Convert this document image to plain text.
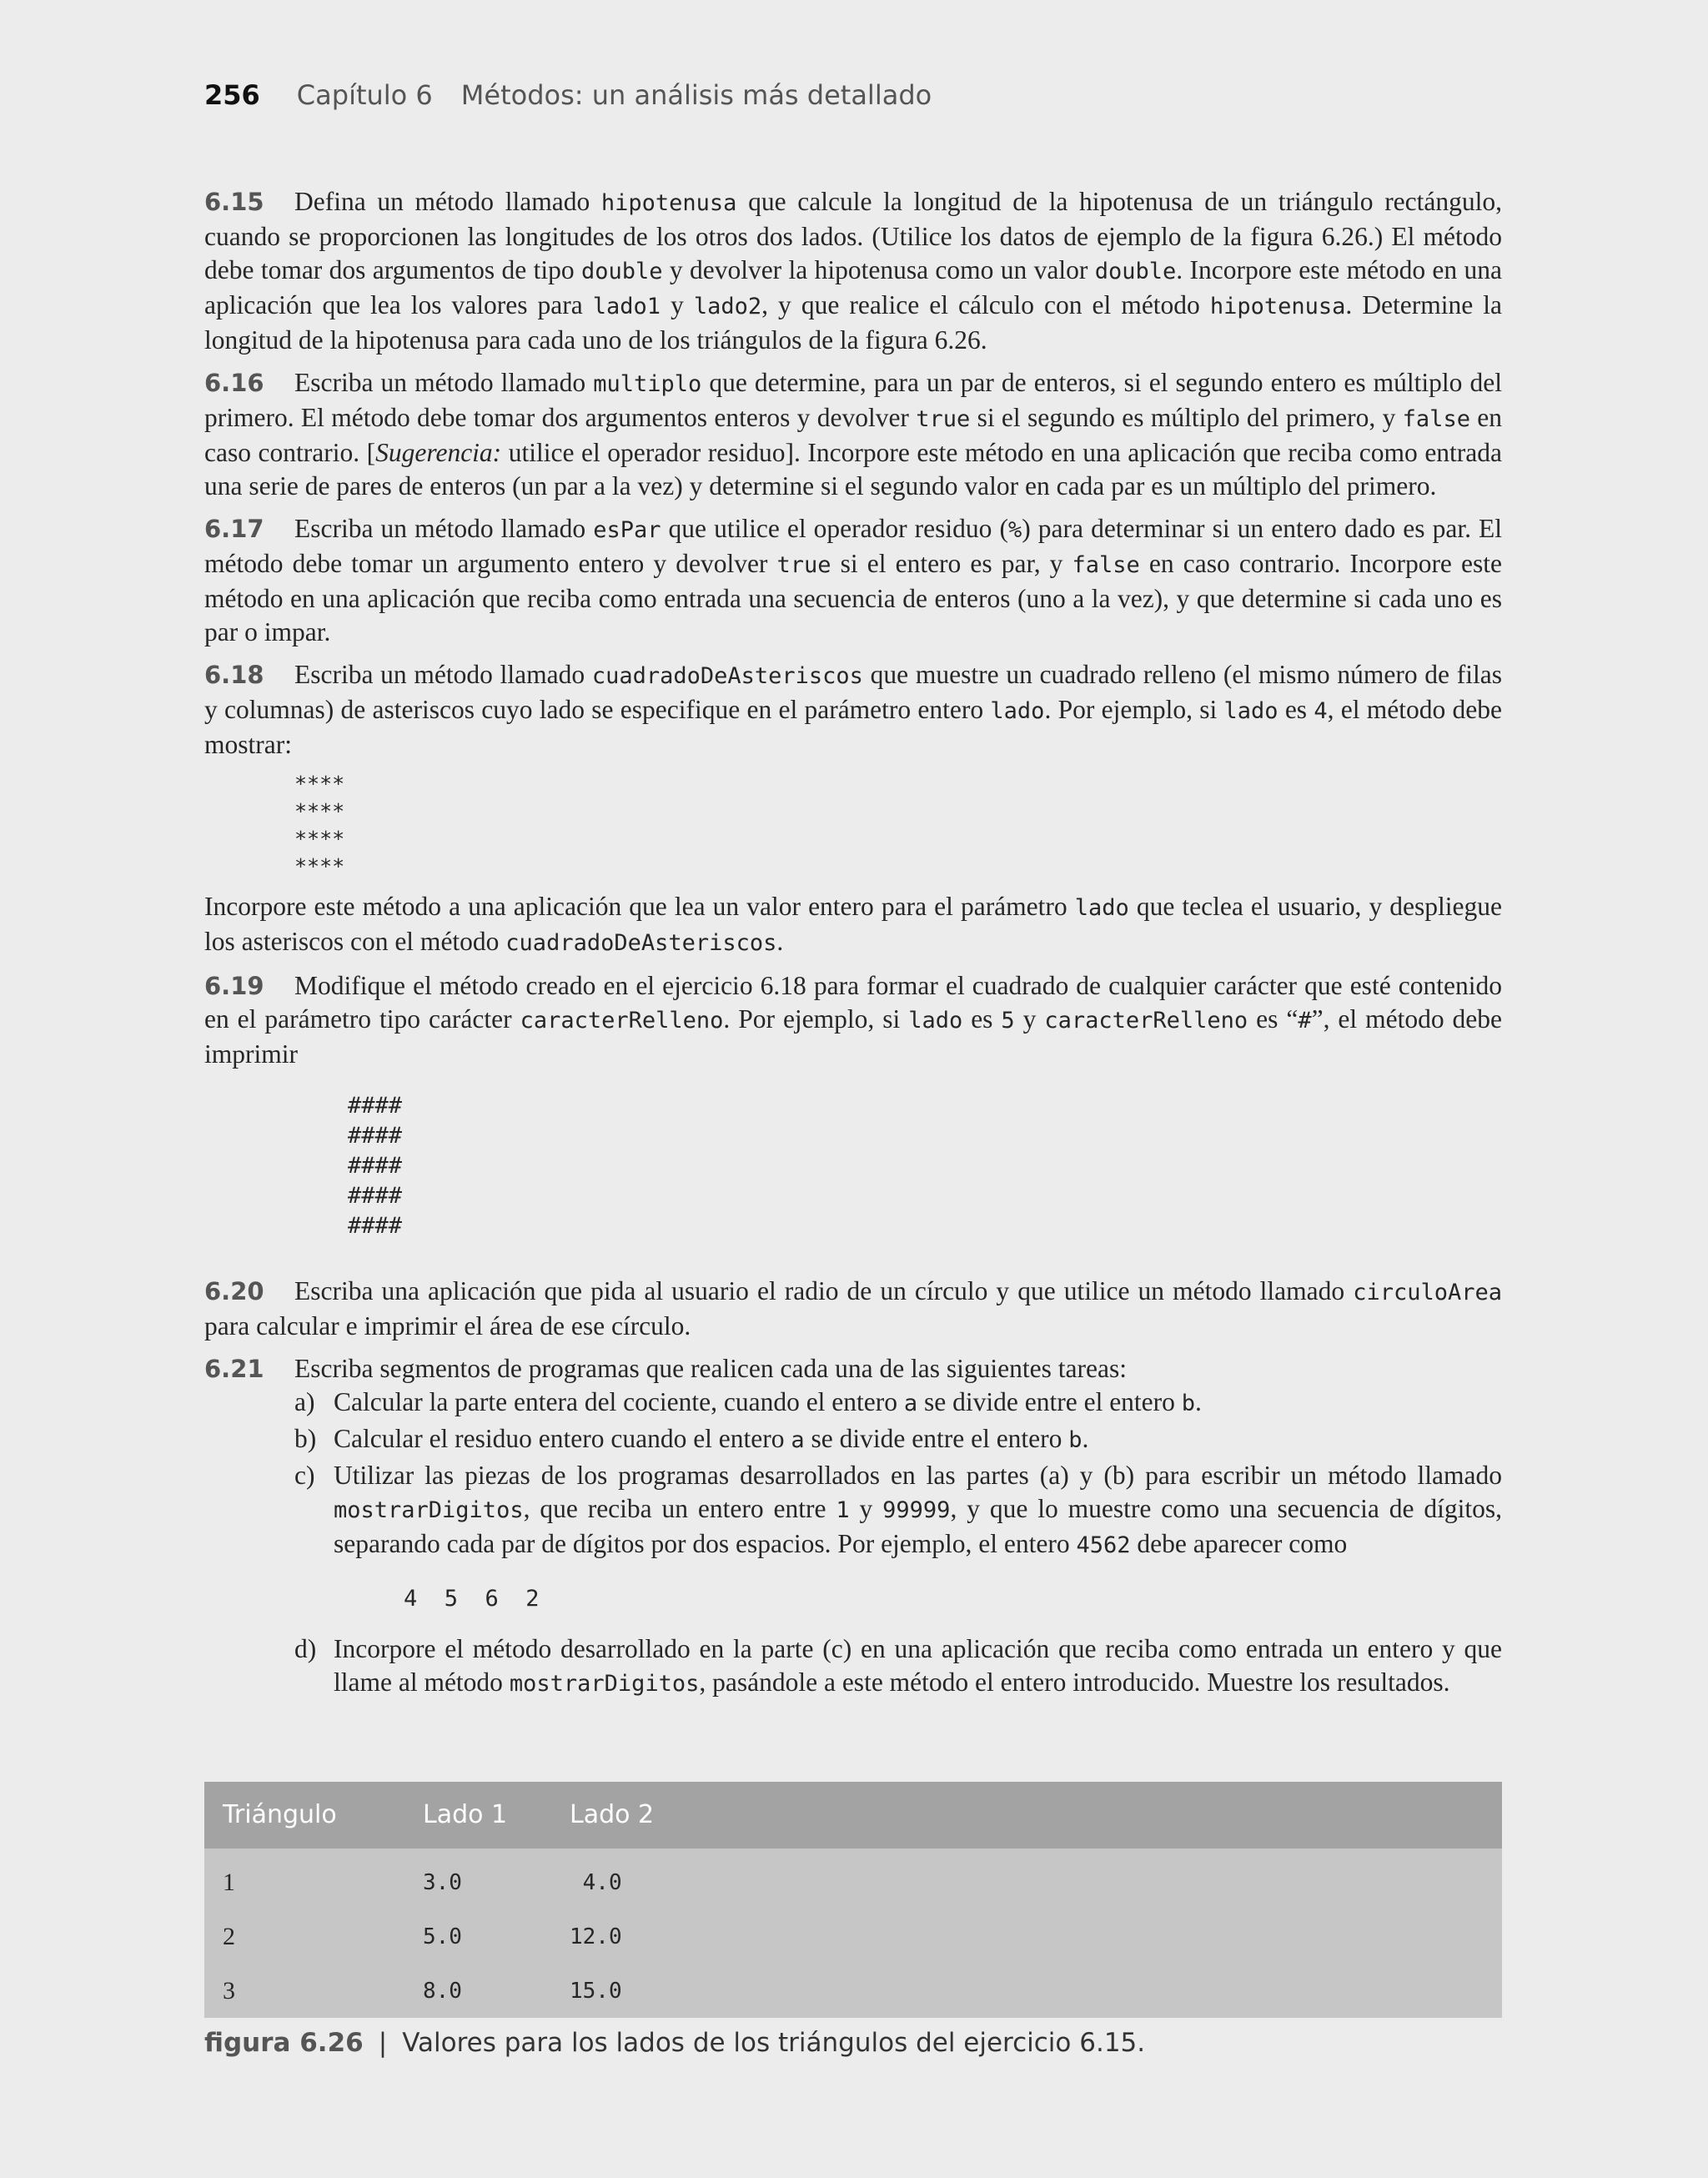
256 Capítulo 6 Métodos: un análisis más detallado

6.15 Defina un método llamado hipotenusa que calcule la longitud de la hipotenusa de un triángulo rectángulo, cuando se proporcionen las longitudes de los otros dos lados. (Utilice los datos de ejemplo de la figura 6.26.) El método debe tomar dos argumentos de tipo double y devolver la hipotenusa como un valor double. Incorpore este método en una aplicación que lea los valores para lado1 y lado2, y que realice el cálculo con el método hipotenusa. Determine la longitud de la hipotenusa para cada uno de los triángulos de la figura 6.26.

6.16 Escriba un método llamado multiplo que determine, para un par de enteros, si el segundo entero es múltiplo del primero. El método debe tomar dos argumentos enteros y devolver true si el segundo es múltiplo del primero, y false en caso contrario. [Sugerencia: utilice el operador residuo]. Incorpore este método en una aplicación que reciba como entrada una serie de pares de enteros (un par a la vez) y determine si el segundo valor en cada par es un múltiplo del primero.

6.17 Escriba un método llamado esPar que utilice el operador residuo (%) para determinar si un entero dado es par. El método debe tomar un argumento entero y devolver true si el entero es par, y false en caso contrario. Incorpore este método en una aplicación que reciba como entrada una secuencia de enteros (uno a la vez), y que determine si cada uno es par o impar.

6.18 Escriba un método llamado cuadradoDeAsteriscos que muestre un cuadrado relleno (el mismo número de filas y columnas) de asteriscos cuyo lado se especifique en el parámetro entero lado. Por ejemplo, si lado es 4, el método debe mostrar:

****
****
****
****

Incorpore este método a una aplicación que lea un valor entero para el parámetro lado que teclea el usuario, y despliegue los asteriscos con el método cuadradoDeAsteriscos.

6.19 Modifique el método creado en el ejercicio 6.18 para formar el cuadrado de cualquier carácter que esté contenido en el parámetro tipo carácter caracterRelleno. Por ejemplo, si lado es 5 y caracterRelleno es “#”, el método debe imprimir

####
####
####
####
####

6.20 Escriba una aplicación que pida al usuario el radio de un círculo y que utilice un método llamado circuloArea para calcular e imprimir el área de ese círculo.

6.21 Escriba segmentos de programas que realicen cada una de las siguientes tareas:

a) Calcular la parte entera del cociente, cuando el entero a se divide entre el entero b.
b) Calcular el residuo entero cuando el entero a se divide entre el entero b.
c) Utilizar las piezas de los programas desarrollados en las partes (a) y (b) para escribir un método llamado mostrarDigitos, que reciba un entero entre 1 y 99999, y que lo muestre como una secuencia de dígitos, separando cada par de dígitos por dos espacios. Por ejemplo, el entero 4562 debe aparecer como
4  5  6  2
d) Incorpore el método desarrollado en la parte (c) en una aplicación que reciba como entrada un entero y que llame al método mostrarDigitos, pasándole a este método el entero introducido. Muestre los resultados.
Triángulo	Lado 1	Lado 2
1	3.0	4.0
2	5.0	12.0
3	8.0	15.0
figura 6.26 | Valores para los lados de los triángulos del ejercicio 6.15.
